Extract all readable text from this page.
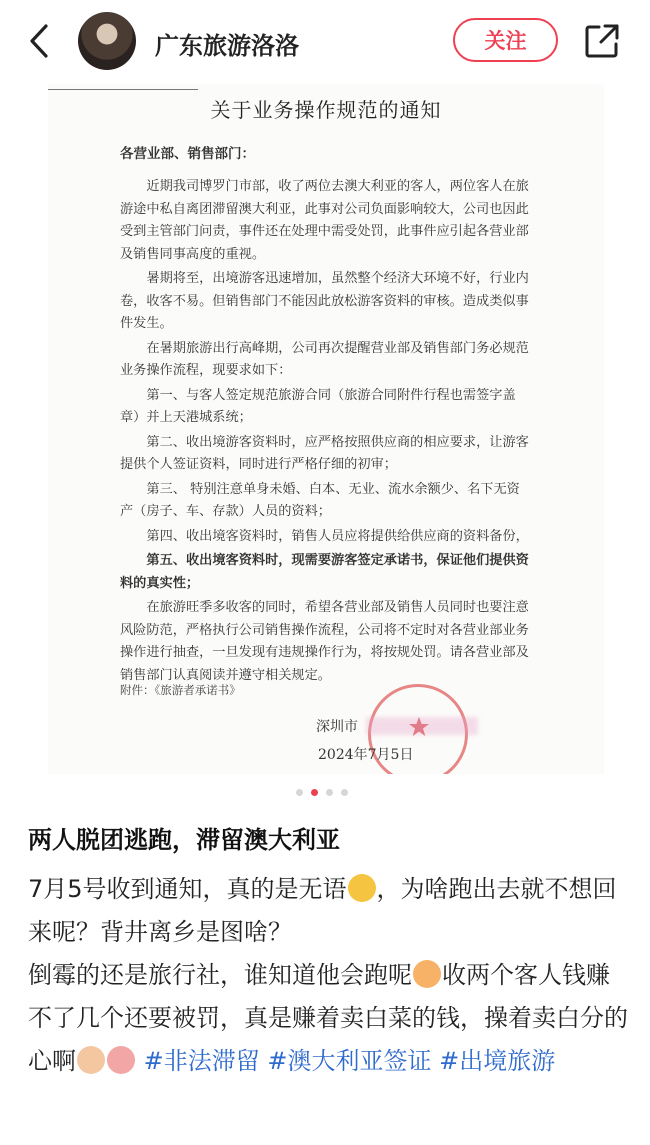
广东旅游洛洛	关注
关于业务操作规范的通知
各营业部、销售部门：

近期我司博罗门市部，收了两位去澳大利亚的客人，两位客人在旅游途中私自离团滞留澳大利亚，此事对公司负面影响较大，公司也因此受到主管部门问责，事件还在处理中需受处罚，此事件应引起各营业部及销售同事高度的重视。

暑期将至，出境游客迅速增加，虽然整个经济大环境不好，行业内卷，收客不易。但销售部门不能因此放松游客资料的审核。造成类似事件发生。

在暑期旅游出行高峰期，公司再次提醒营业部及销售部门务必规范业务操作流程，现要求如下：

第一、与客人签定规范旅游合同（旅游合同附件行程也需签字盖章）并上天港城系统；

第二、收出境游客资料时，应严格按照供应商的相应要求，让游客提供个人签证资料，同时进行严格仔细的初审；

第三、 特别注意单身未婚、白本、无业、流水余额少、名下无资产（房子、车、存款）人员的资料；

第四、收出境客资料时，销售人员应将提供给供应商的资料备份，

第五、收出境客资料时，现需要游客签定承诺书，保证他们提供资料的真实性；

在旅游旺季多收客的同时，希望各营业部及销售人员同时也要注意风险防范，严格执行公司销售操作流程，公司将不定时对各营业部业务操作进行抽查，一旦发现有违规操作行为，将按规处罚。请各营业部及销售部门认真阅读并遵守相关规定。

附件：《旅游者承诺书》
深圳市
2024年7月5日
两人脱团逃跑，滞留澳大利亚
7月5号收到通知，真的是无语 ，为啥跑出去就不想回来呢？背井离乡是图啥？
倒霉的还是旅行社，谁知道他会跑呢 收两个客人钱赚不了几个还要被罚，真是赚着卖白菜的钱，操着卖白分的心啊	#非法滞留 #澳大利亚签证 #出境旅游
